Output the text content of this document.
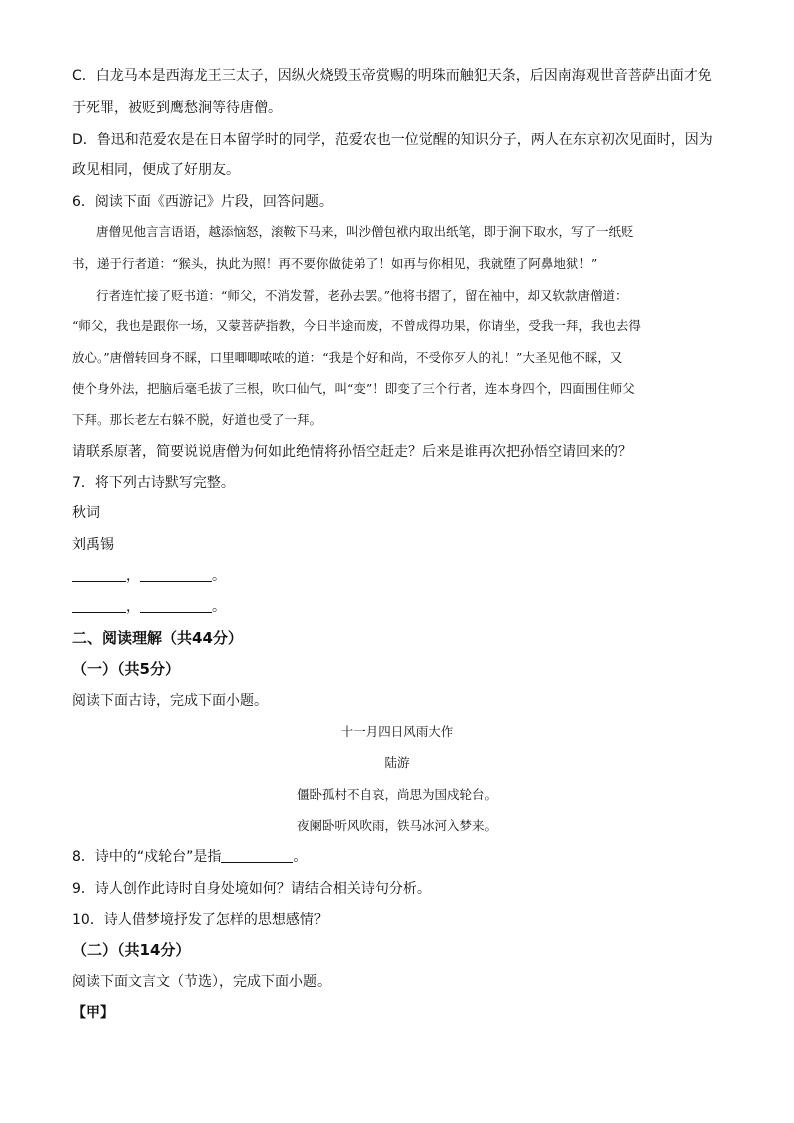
C．白龙马本是西海龙王三太子，因纵火烧毁玉帝赏赐的明珠而触犯天条，后因南海观世音菩萨出面才免
于死罪，被贬到鹰愁涧等待唐僧。
D．鲁迅和范爱农是在日本留学时的同学，范爱农也一位觉醒的知识分子，两人在东京初次见面时，因为
政见相同，便成了好朋友。
6．阅读下面《西游记》片段，回答问题。
唐僧见他言言语语，越添恼怒，滚鞍下马来，叫沙僧包袱内取出纸笔，即于涧下取水，写了一纸贬
书，递于行者道：“猴头，执此为照！再不要你做徒弟了！如再与你相见，我就堕了阿鼻地狱！”
行者连忙接了贬书道：“师父，不消发誓，老孙去罢。”他将书摺了，留在袖中，却又软款唐僧道：
“师父，我也是跟你一场，又蒙菩萨指教，今日半途而废，不曾成得功果，你请坐，受我一拜，我也去得
放心。”唐僧转回身不睬，口里唧唧哝哝的道：“我是个好和尚，不受你歹人的礼！”大圣见他不睬，又
使个身外法，把脑后毫毛拔了三根，吹口仙气，叫“变”！即变了三个行者，连本身四个，四面围住师父
下拜。那长老左右躲不脱，好道也受了一拜。
请联系原著，简要说说唐僧为何如此绝情将孙悟空赶走？后来是谁再次把孙悟空请回来的？
7．将下列古诗默写完整。
秋词
刘禹锡
，	。
，	。
二、阅读理解（共44分）
（一）（共5分）
阅读下面古诗，完成下面小题。
十一月四日风雨大作
陆游
僵卧孤村不自哀，尚思为国戍轮台。
夜阑卧听风吹雨，铁马冰河入梦来。
8．诗中的“戍轮台”是指	。
9．诗人创作此诗时自身处境如何？请结合相关诗句分析。
10．诗人借梦境抒发了怎样的思想感情？
（二）（共14分）
阅读下面文言文（节选），完成下面小题。
【甲】
